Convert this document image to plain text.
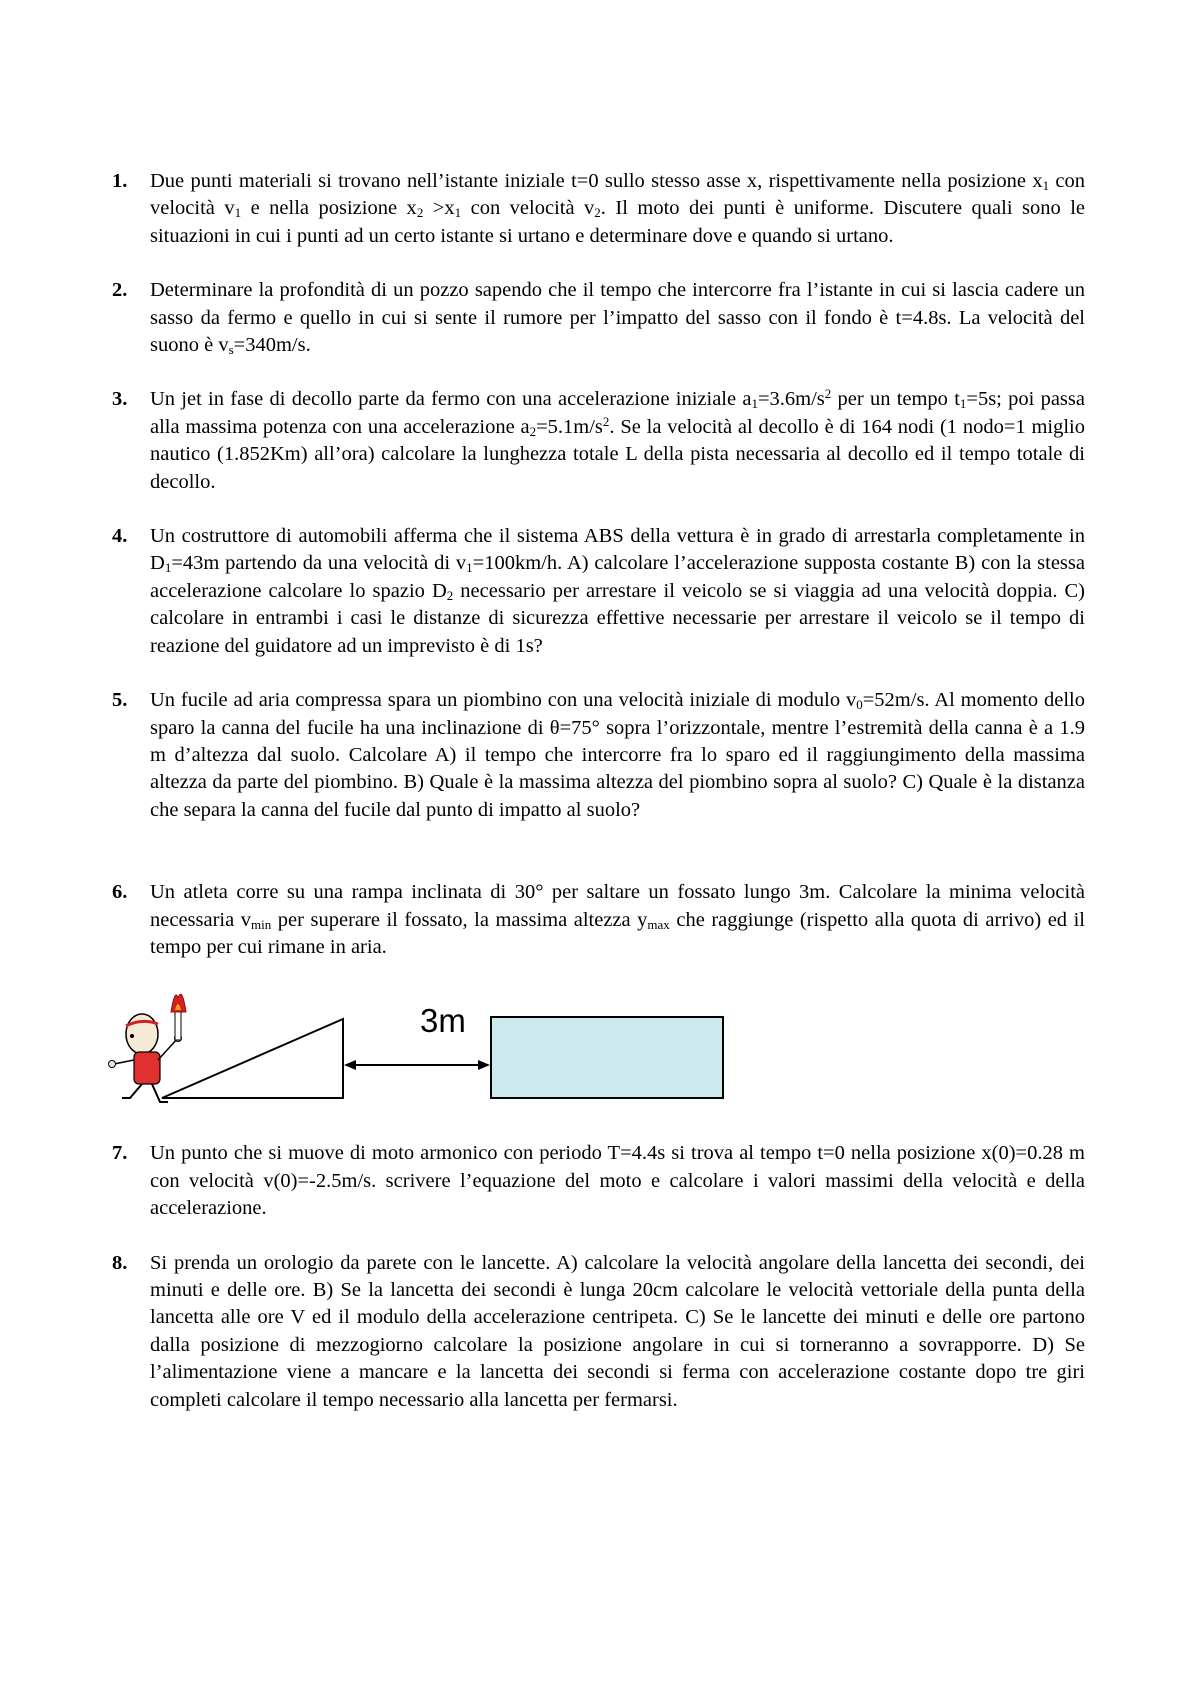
1. Due punti materiali si trovano nell’istante iniziale t=0 sullo stesso asse x, rispettivamente nella posizione $x_1$ con velocità $v_1$ e nella posizione $x_2 >x_1$ con velocità $v_2$. Il moto dei punti è uniforme. Discutere quali sono le situazioni in cui i punti ad un certo istante si urtano e determinare dove e quando si urtano.
2. Determinare la profondità di un pozzo sapendo che il tempo che intercorre fra l’istante in cui si lascia cadere un sasso da fermo e quello in cui si sente il rumore per l’impatto del sasso con il fondo è t=4.8s. La velocità del suono è $v_s=340m/s$.
3. Un jet in fase di decollo parte da fermo con una accelerazione iniziale $a_1=3.6m/s^2$ per un tempo $t_1=5s$; poi passa alla massima potenza con una accelerazione $a_2=5.1m/s^2$. Se la velocità al decollo è di 164 nodi (1 nodo=1 miglio nautico (1.852Km) all’ora) calcolare la lunghezza totale L della pista necessaria al decollo ed il tempo totale di decollo.
4. Un costruttore di automobili afferma che il sistema ABS della vettura è in grado di arrestarla completamente in $D_1=43m$ partendo da una velocità di $v_1=100km/h$. A) calcolare l’accelerazione supposta costante B) con la stessa accelerazione calcolare lo spazio $D_2$ necessario per arrestare il veicolo se si viaggia ad una velocità doppia. C) calcolare in entrambi i casi le distanze di sicurezza effettive necessarie per arrestare il veicolo se il tempo di reazione del guidatore ad un imprevisto è di 1s?
5. Un fucile ad aria compressa spara un piombino con una velocità iniziale di modulo $v_0=52m/s$. Al momento dello sparo la canna del fucile ha una inclinazione di θ=75° sopra l’orizzontale, mentre l’estremità della canna è a 1.9 m d’altezza dal suolo. Calcolare A) il tempo che intercorre fra lo sparo ed il raggiungimento della massima altezza da parte del piombino. B) Quale è la massima altezza del piombino sopra al suolo? C) Quale è la distanza che separa la canna del fucile dal punto di impatto al suolo?
6. Un atleta corre su una rampa inclinata di 30° per saltare un fossato lungo 3m. Calcolare la minima velocità necessaria $v_{min}$ per superare il fossato, la massima altezza $y_{max}$ che raggiunge (rispetto alla quota di arrivo) ed il tempo per cui rimane in aria.
3m
7. Un punto che si muove di moto armonico con periodo T=4.4s si trova al tempo t=0 nella posizione x(0)=0.28 m con velocità v(0)=-2.5m/s. scrivere l’equazione del moto e calcolare i valori massimi della velocità e della accelerazione.
8. Si prenda un orologio da parete con le lancette. A) calcolare la velocità angolare della lancetta dei secondi, dei minuti e delle ore. B) Se la lancetta dei secondi è lunga 20cm calcolare le velocità vettoriale della punta della lancetta alle ore V ed il modulo della accelerazione centripeta. C) Se le lancette dei minuti e delle ore partono dalla posizione di mezzogiorno calcolare la posizione angolare in cui si torneranno a sovrapporre. D) Se l’alimentazione viene a mancare e la lancetta dei secondi si ferma con accelerazione costante dopo tre giri completi calcolare il tempo necessario alla lancetta per fermarsi.
